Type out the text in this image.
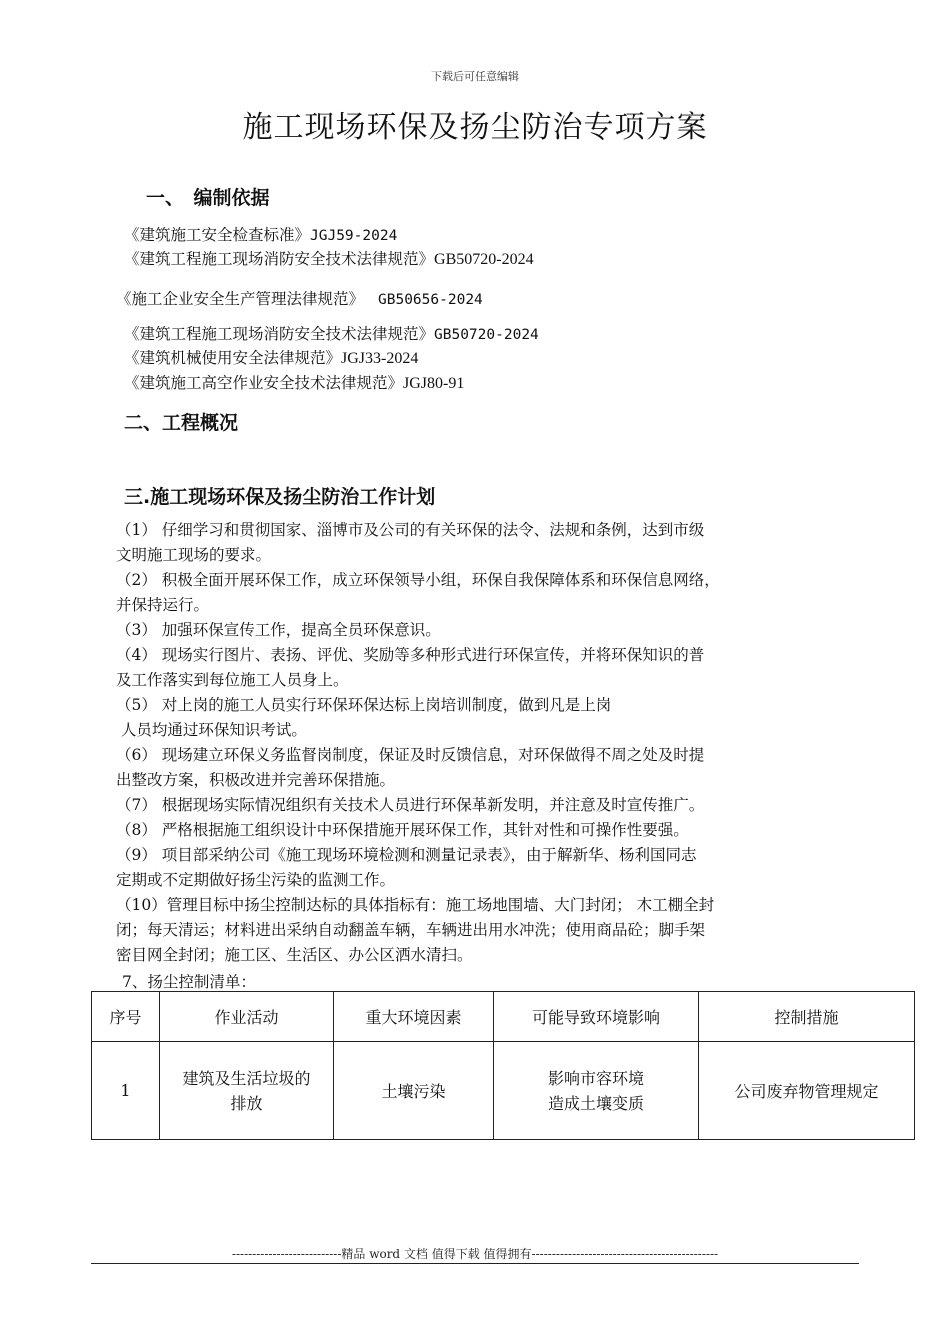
下载后可任意编辑
施工现场环保及扬尘防治专项方案
一、　编制依据
《建筑施工安全检查标准》JGJ59-2024
《建筑工程施工现场消防安全技术法律规范》GB50720-2024
《施工企业安全生产管理法律规范》 GB50656-2024
《建筑工程施工现场消防安全技术法律规范》GB50720-2024
《建筑机械使用安全法律规范》JGJ33-2024
《建筑施工高空作业安全技术法律规范》JGJ80-91
二、工程概况
三.施工现场环保及扬尘防治工作计划
（1） 仔细学习和贯彻国家、淄博市及公司的有关环保的法令、法规和条例，达到市级
文明施工现场的要求。
（2） 积极全面开展环保工作，成立环保领导小组，环保自我保障体系和环保信息网络，
并保持运行。
（3） 加强环保宣传工作，提高全员环保意识。
（4） 现场实行图片、表扬、评优、奖励等多种形式进行环保宣传，并将环保知识的普
及工作落实到每位施工人员身上。
（5） 对上岗的施工人员实行环保环保达标上岗培训制度，做到凡是上岗
人员均通过环保知识考试。
（6） 现场建立环保义务监督岗制度，保证及时反馈信息，对环保做得不周之处及时提
出整改方案，积极改进并完善环保措施。
（7） 根据现场实际情况组织有关技术人员进行环保革新发明，并注意及时宣传推广。
（8） 严格根据施工组织设计中环保措施开展环保工作，其针对性和可操作性要强。
（9） 项目部采纳公司《施工现场环境检测和测量记录表》，由于解新华、杨利国同志
定期或不定期做好扬尘污染的监测工作。
（10）管理目标中扬尘控制达标的具体指标有：施工场地围墙、大门封闭； 木工棚全封
闭；每天清运；材料进出采纳自动翻盖车辆，车辆进出用水冲洗；使用商品砼；脚手架
密目网全封闭；施工区、生活区、办公区洒水清扫。
7、扬尘控制清单：
序号	作业活动	重大环境因素	可能导致环境影响	控制措施
1	建筑及生活垃圾的
排放	土壤污染	影响市容环境
造成土壤变质	公司废弃物管理规定
---------------------------精品 word 文档 值得下载 值得拥有----------------------------------------------
